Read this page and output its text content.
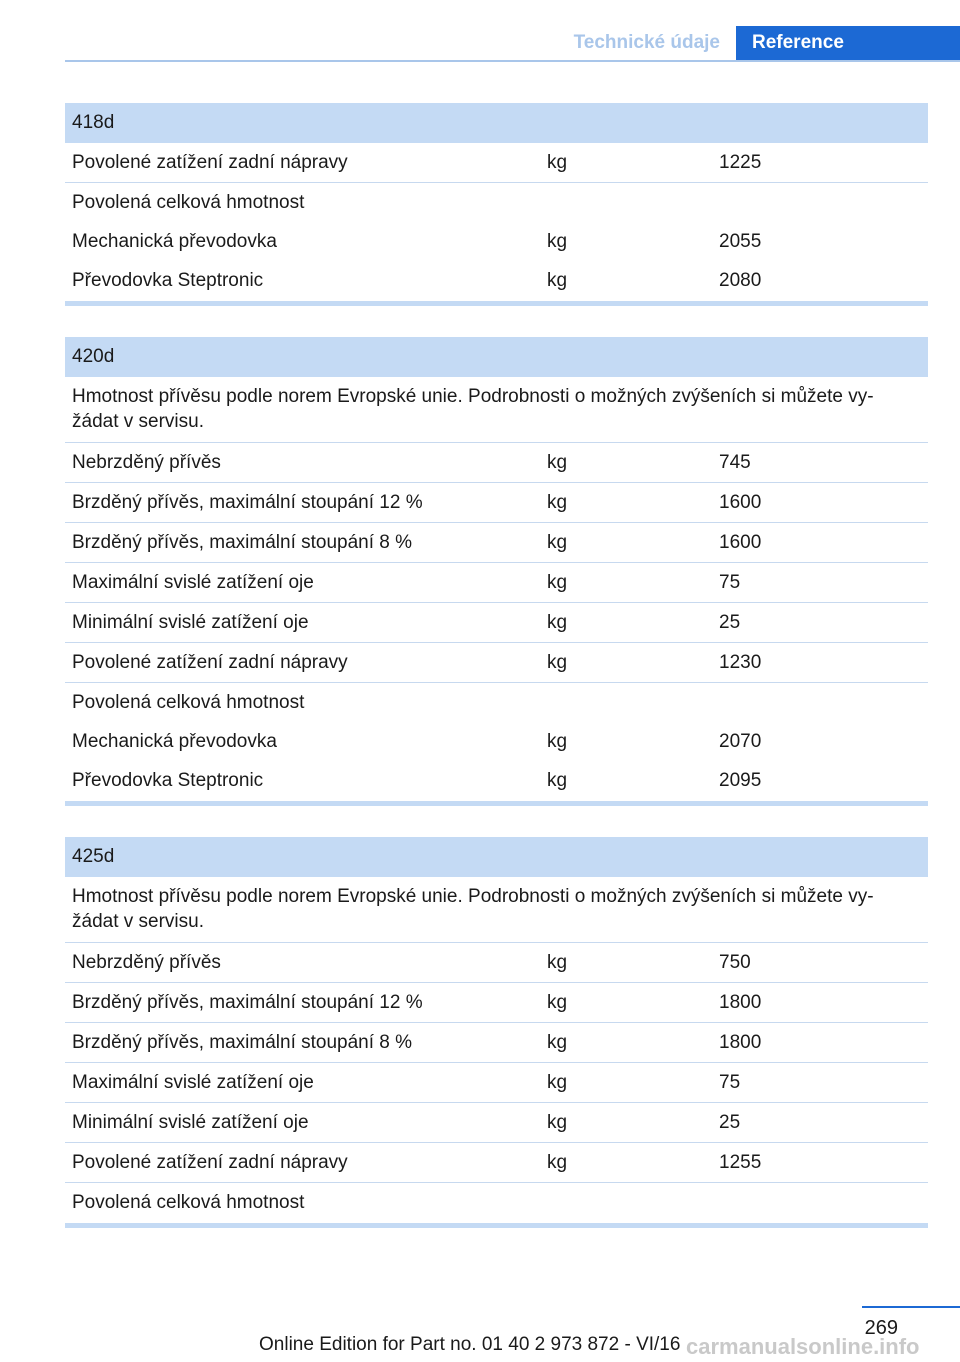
Technické údaje	Reference
418d
Povolené zatížení zadní nápravy	kg	1225
Povolená celková hmotnost
Mechanická převodovka	kg	2055
Převodovka Steptronic	kg	2080
420d
Hmotnost přívěsu podle norem Evropské unie. Podrobnosti o možných zvýšeních si můžete vy-žádat v servisu.
Nebrzděný přívěs	kg	745
Brzděný přívěs, maximální stoupání 12 %	kg	1600
Brzděný přívěs, maximální stoupání 8 %	kg	1600
Maximální svislé zatížení oje	kg	75
Minimální svislé zatížení oje	kg	25
Povolené zatížení zadní nápravy	kg	1230
Povolená celková hmotnost
Mechanická převodovka	kg	2070
Převodovka Steptronic	kg	2095
425d
Hmotnost přívěsu podle norem Evropské unie. Podrobnosti o možných zvýšeních si můžete vy-žádat v servisu.
Nebrzděný přívěs	kg	750
Brzděný přívěs, maximální stoupání 12 %	kg	1800
Brzděný přívěs, maximální stoupání 8 %	kg	1800
Maximální svislé zatížení oje	kg	75
Minimální svislé zatížení oje	kg	25
Povolené zatížení zadní nápravy	kg	1255
Povolená celková hmotnost
269
Online Edition for Part no. 01 40 2 973 872 - VI/16 carmanualsonline.info
